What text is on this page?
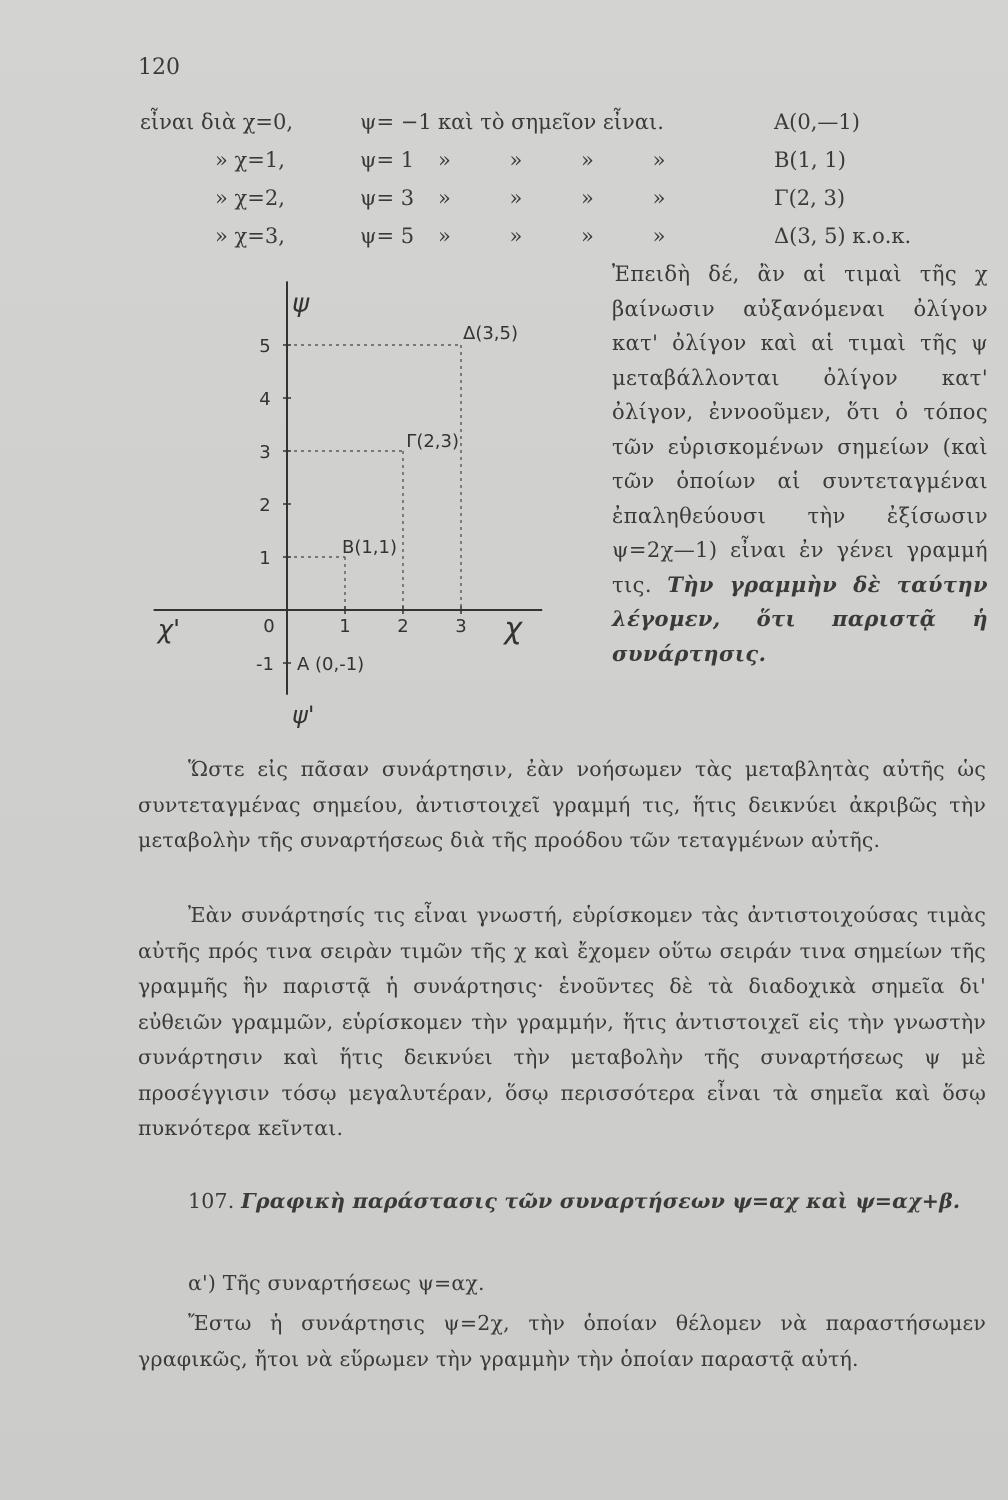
120
εἶναι διὰ χ=0,	ψ= −1 καὶ τὸ σημεῖον εἶναι.	Α(0,—1)
» χ=1,	ψ= 1 » » » »	Β(1, 1)
» χ=2,	ψ= 3 » » » »	Γ(2, 3)
» χ=3,	ψ= 5 » » » »	Δ(3, 5) κ.ο.κ.
χ
χ'
ψ
ψ'
5
4
3
2
1
-1
0	1	2	3
Α (0,-1)
Β(1,1)
Γ(2,3)
Δ(3,5)
Ἐπειδὴ δέ, ἂν αἱ τιμαὶ τῆς χ βαίνωσιν αὐξανόμεναι ὀλίγον κατ' ὀλίγον καὶ αἱ τιμαὶ τῆς ψ μεταβάλλονται ὀλίγον κατ' ὀλίγον, ἐννοοῦμεν, ὅτι ὁ τόπος τῶν εὑρισκομένων σημείων (καὶ τῶν ὁποίων αἱ συντεταγμέναι ἐπαληθεύουσι τὴν ἐξίσωσιν ψ=2χ—1) εἶναι ἐν γένει γραμμή τις. Τὴν γραμμὴν δὲ ταύτην λέγομεν, ὅτι παριστᾷ ἡ συνάρτησις.
Ὥστε εἰς πᾶσαν συνάρτησιν, ἐὰν νοήσωμεν τὰς μεταβλητὰς αὐτῆς ὡς συντεταγμένας σημείου, ἀντιστοιχεῖ γραμμή τις, ἥτις δεικνύει ἀκριβῶς τὴν μεταβολὴν τῆς συναρτήσεως διὰ τῆς προόδου τῶν τεταγμένων αὐτῆς.
Ἐὰν συνάρτησίς τις εἶναι γνωστή, εὑρίσκομεν τὰς ἀντιστοιχούσας τιμὰς αὐτῆς πρός τινα σειρὰν τιμῶν τῆς χ καὶ ἔχομεν οὕτω σειράν τινα σημείων τῆς γραμμῆς ἣν παριστᾷ ἡ συνάρτησις· ἑνοῦντες δὲ τὰ διαδοχικὰ σημεῖα δι' εὐθειῶν γραμμῶν, εὑρίσκομεν τὴν γραμμήν, ἥτις ἀντιστοιχεῖ εἰς τὴν γνωστὴν συνάρτησιν καὶ ἥτις δεικνύει τὴν μεταβολὴν τῆς συναρτήσεως ψ μὲ προσέγγισιν τόσῳ μεγαλυτέραν, ὅσῳ περισσότερα εἶναι τὰ σημεῖα καὶ ὅσῳ πυκνότερα κεῖνται.
107. Γραφικὴ παράστασις τῶν συναρτήσεων ψ=αχ καὶ ψ=αχ+β.
α') Τῆς συναρτήσεως ψ=αχ.
Ἔστω ἡ συνάρτησις ψ=2χ, τὴν ὁποίαν θέλομεν νὰ παραστήσωμεν γραφικῶς, ἤτοι νὰ εὕρωμεν τὴν γραμμὴν τὴν ὁποίαν παραστᾷ αὐτή.
